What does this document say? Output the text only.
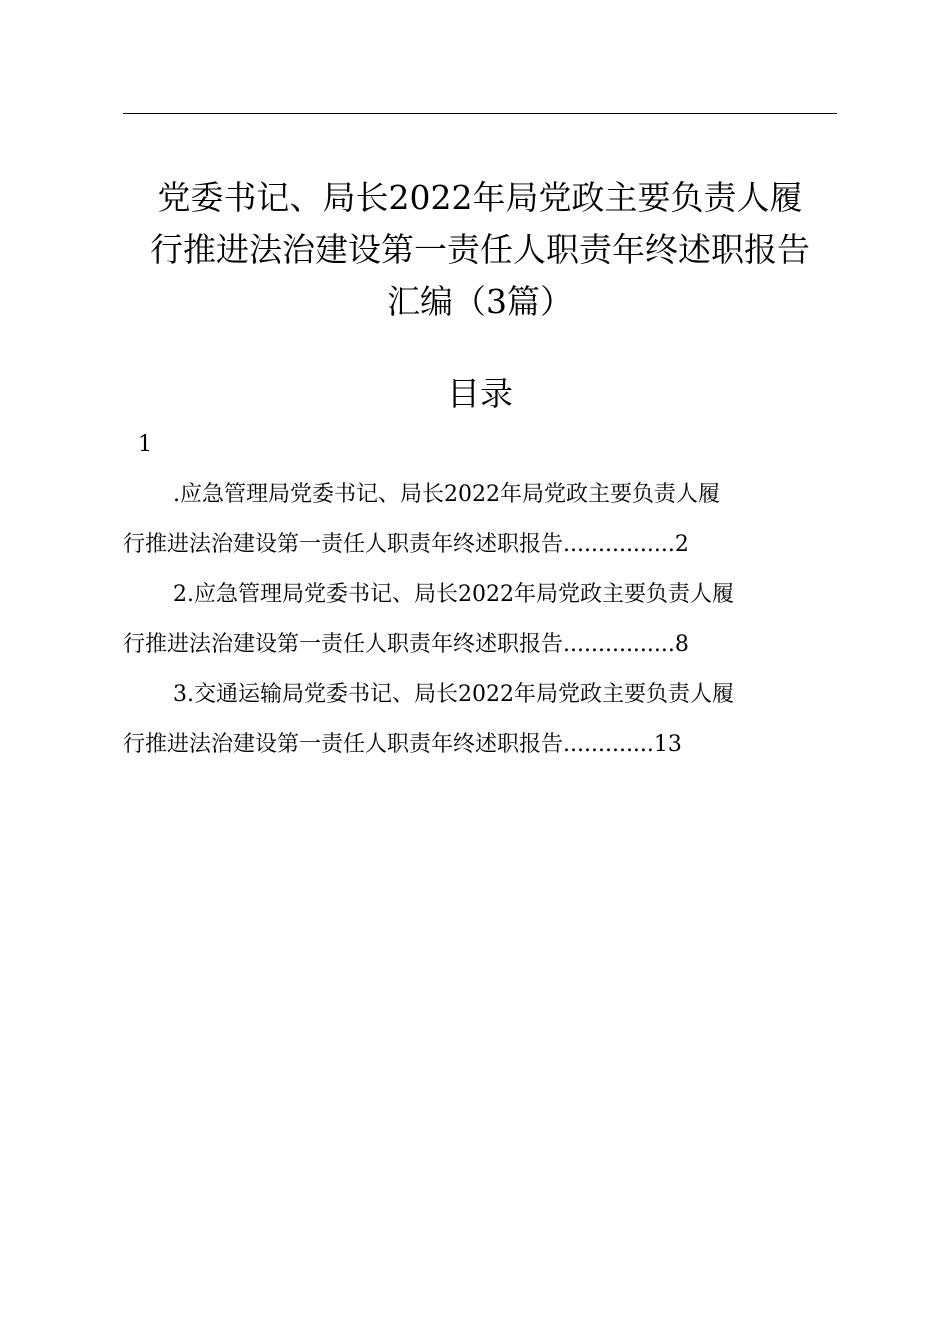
党委书记、局长2022年局党政主要负责人履
行推进法治建设第一责任人职责年终述职报告
汇编（3篇）
目录
1
.应急管理局党委书记、局长2022年局党政主要负责人履
行推进法治建设第一责任人职责年终述职报告................2
2.应急管理局党委书记、局长2022年局党政主要负责人履
行推进法治建设第一责任人职责年终述职报告................8
3.交通运输局党委书记、局长2022年局党政主要负责人履
行推进法治建设第一责任人职责年终述职报告.............13
